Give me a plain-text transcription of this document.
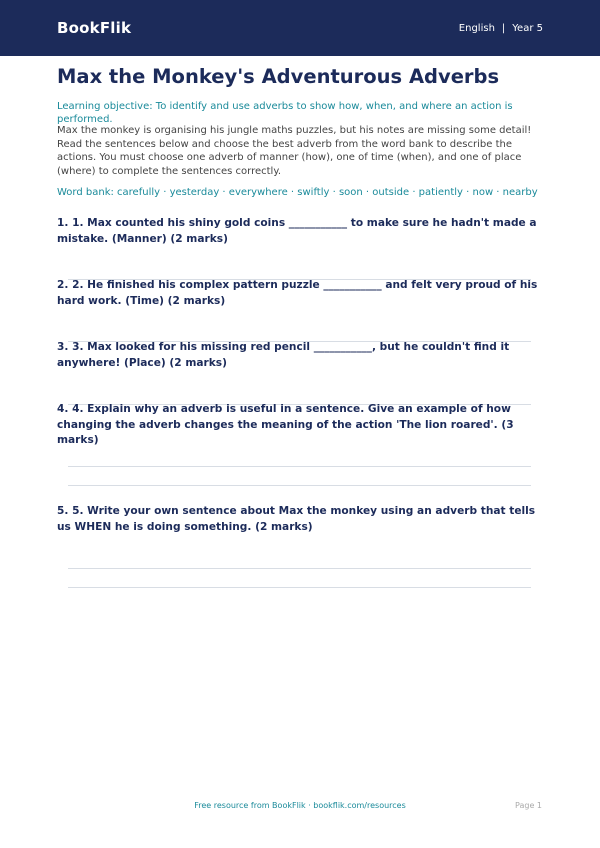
BookFlik	English | Year 5
Max the Monkey's Adventurous Adverbs
Learning objective: To identify and use adverbs to show how, when, and where an action is performed.
Max the monkey is organising his jungle maths puzzles, but his notes are missing some detail! Read the sentences below and choose the best adverb from the word bank to describe the actions. You must choose one adverb of manner (how), one of time (when), and one of place (where) to complete the sentences correctly.
Word bank: carefully · yesterday · everywhere · swiftly · soon · outside · patiently · now · nearby
1. 1. Max counted his shiny gold coins ___________ to make sure he hadn't made a mistake. (Manner) (2 marks)
2. 2. He finished his complex pattern puzzle ___________ and felt very proud of his hard work. (Time) (2 marks)
3. 3. Max looked for his missing red pencil ___________, but he couldn't find it anywhere! (Place) (2 marks)
4. 4. Explain why an adverb is useful in a sentence. Give an example of how changing the adverb changes the meaning of the action 'The lion roared'. (3 marks)
5. 5. Write your own sentence about Max the monkey using an adverb that tells us WHEN he is doing something. (2 marks)
Free resource from BookFlik · bookflik.com/resources	Page 1
